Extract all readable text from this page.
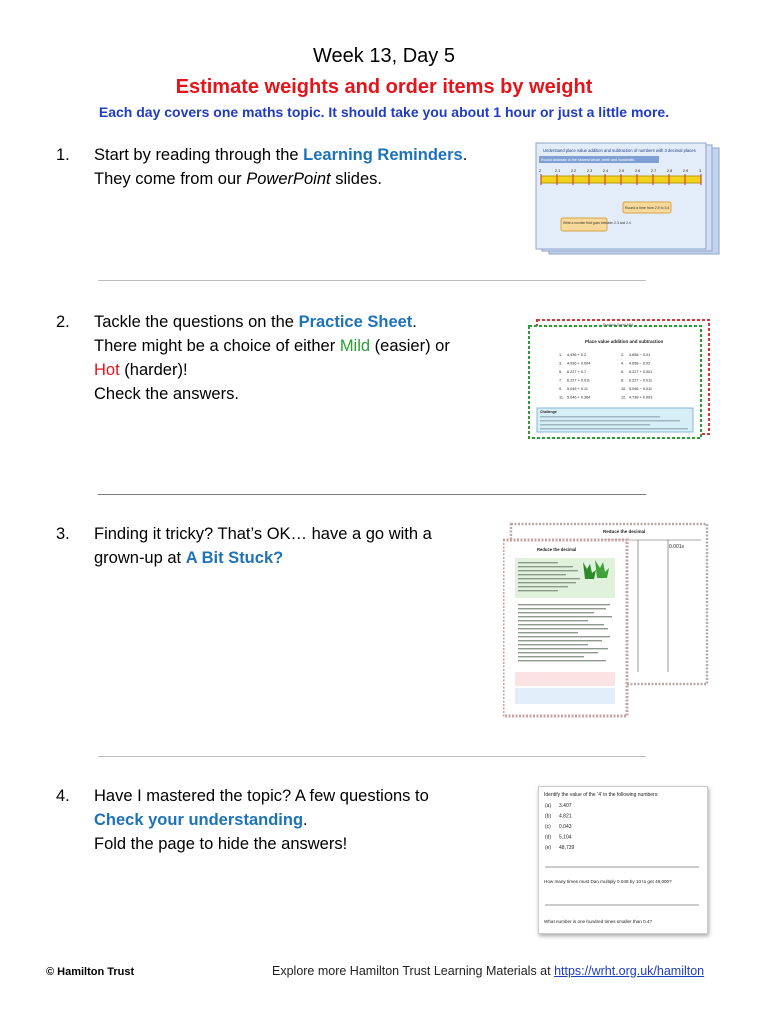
Week 13, Day 5
Estimate weights and order items by weight
Each day covers one maths topic. It should take you about 1 hour or just a little more.
1.	Start by reading through the Learning Reminders.
They come from our PowerPoint slides.
Understand place value addition and subtraction of numbers with 3 decimal places
Round decimals to the nearest whole, tenth and hundredth.
2	2.1	2.2	2.3	2.4	2.5	2.6	2.7	2.8	2.9	3
Round a time from 2.5 to 3.4
Write a number that goes between 2.3 and 2.4
2.	Tackle the questions on the Practice Sheet.
There might be a choice of either Mild (easier) or
Hot (harder)!
Check the answers.
Practice Sheet Mild
Place value addition and subtraction
1. 4.936 + 0.2	2. 4.658 − 0.01
3. 4.936 + 0.004	4. 4.658 − 0.02
5. 6.227 + 0.7	6. 6.227 + 0.001
7. 6.227 + 0.011	8. 6.227 − 0.011
9. 5.046 + 0.11	10. 5.046 − 0.011
11. 5.046 + 0.364	12. 4.738 + 0.003
Challenge
3.	Finding it tricky? That’s OK… have a go with a
grown-up at A Bit Stuck?
Reduce the decimal
0.001s
Reduce the decimal
4.	Have I mastered the topic? A few questions to
Check your understanding.
Fold the page to hide the answers!
Identify the value of the ‘4’ in the following numbers:
(a) 3.407
(b) 4.821
(c) 0.043
(d) 5.104
(e) 48,739
How many times must Dan multiply 0.048 by 10 to get 48,000?
What number is one hundred times smaller than 0.4?
© Hamilton Trust	Explore more Hamilton Trust Learning Materials at https://wrht.org.uk/hamilton
